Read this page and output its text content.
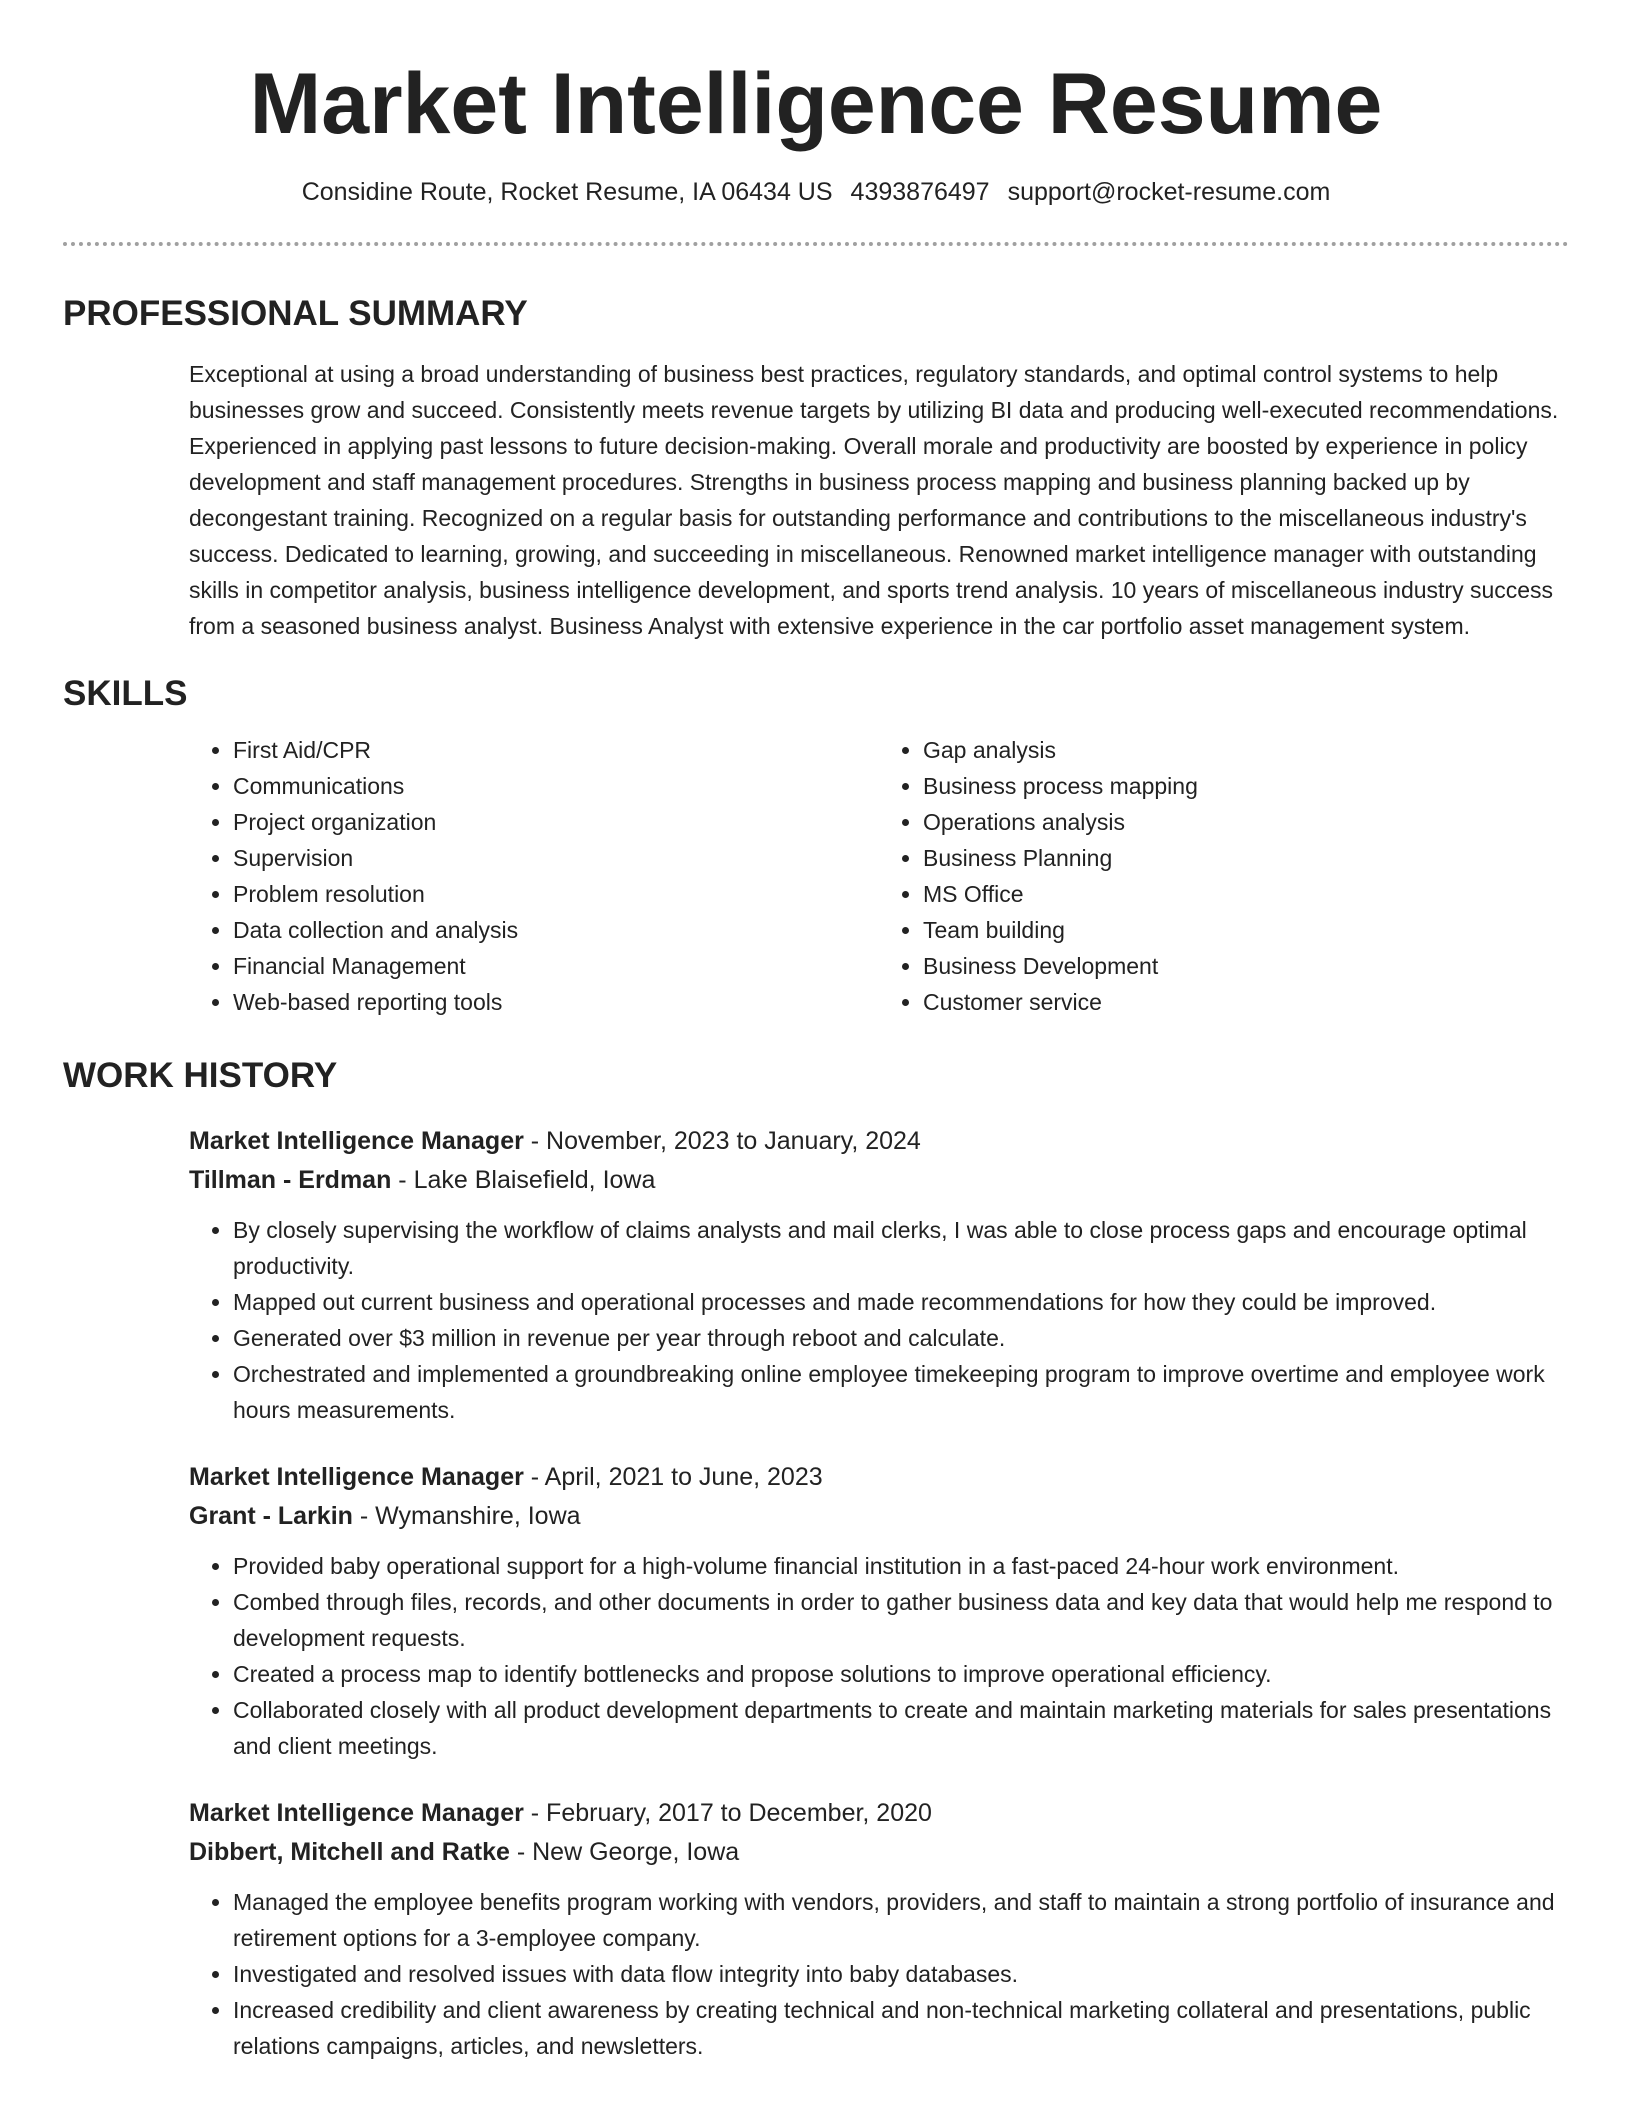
Market Intelligence Resume
Considine Route, Rocket Resume, IA 06434 US 4393876497 support@rocket-resume.com
PROFESSIONAL SUMMARY

Exceptional at using a broad understanding of business best practices, regulatory standards, and optimal control systems to help businesses grow and succeed. Consistently meets revenue targets by utilizing BI data and producing well-executed recommendations. Experienced in applying past lessons to future decision-making. Overall morale and productivity are boosted by experience in policy development and staff management procedures. Strengths in business process mapping and business planning backed up by decongestant training. Recognized on a regular basis for outstanding performance and contributions to the miscellaneous industry's success. Dedicated to learning, growing, and succeeding in miscellaneous. Renowned market intelligence manager with outstanding skills in competitor analysis, business intelligence development, and sports trend analysis. 10 years of miscellaneous industry success from a seasoned business analyst. Business Analyst with extensive experience in the car portfolio asset management system.

SKILLS
• First Aid/CPR
• Communications
• Project organization
• Supervision
• Problem resolution
• Data collection and analysis
• Financial Management
• Web-based reporting tools
• Gap analysis
• Business process mapping
• Operations analysis
• Business Planning
• MS Office
• Team building
• Business Development
• Customer service
WORK HISTORY
Market Intelligence Manager - November, 2023 to January, 2024
Tillman - Erdman - Lake Blaisefield, Iowa
• By closely supervising the workflow of claims analysts and mail clerks, I was able to close process gaps and encourage optimal productivity.
• Mapped out current business and operational processes and made recommendations for how they could be improved.
• Generated over $3 million in revenue per year through reboot and calculate.
• Orchestrated and implemented a groundbreaking online employee timekeeping program to improve overtime and employee work hours measurements.
Market Intelligence Manager - April, 2021 to June, 2023
Grant - Larkin - Wymanshire, Iowa
• Provided baby operational support for a high-volume financial institution in a fast-paced 24-hour work environment.
• Combed through files, records, and other documents in order to gather business data and key data that would help me respond to development requests.
• Created a process map to identify bottlenecks and propose solutions to improve operational efficiency.
• Collaborated closely with all product development departments to create and maintain marketing materials for sales presentations and client meetings.
Market Intelligence Manager - February, 2017 to December, 2020
Dibbert, Mitchell and Ratke - New George, Iowa
• Managed the employee benefits program working with vendors, providers, and staff to maintain a strong portfolio of insurance and retirement options for a 3-employee company.
• Investigated and resolved issues with data flow integrity into baby databases.
• Increased credibility and client awareness by creating technical and non-technical marketing collateral and presentations, public relations campaigns, articles, and newsletters.
